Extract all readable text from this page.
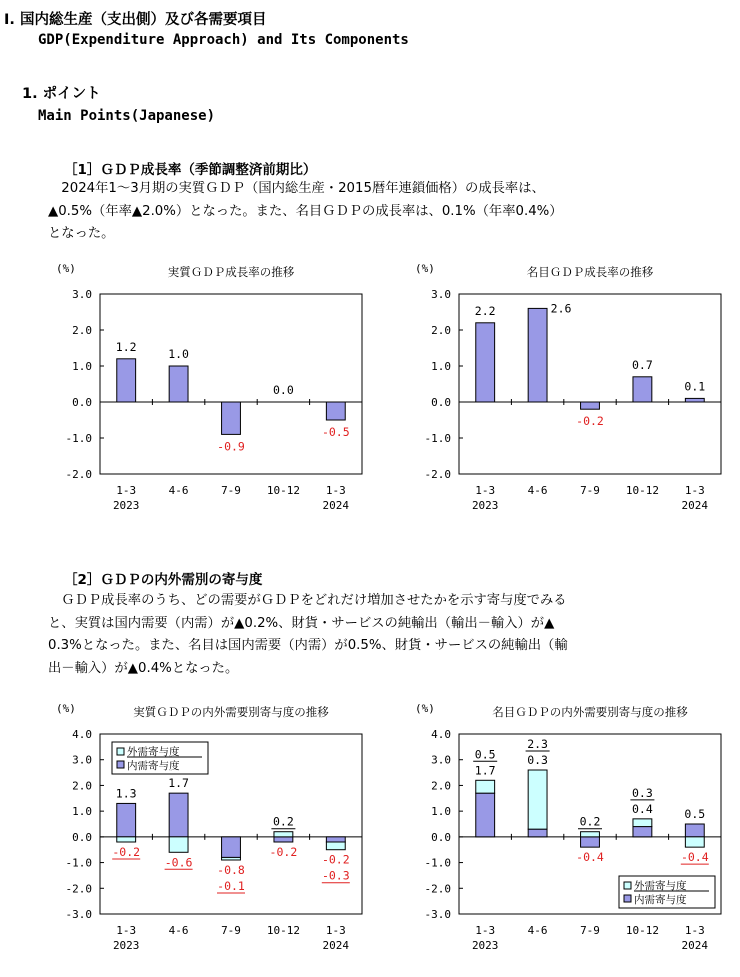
I. 国内総生産（支出側）及び各需要項目
GDP(Expenditure Approach) and Its Components
1. ポイント
Main Points(Japanese)
［1］ＧＤＰ成長率（季節調整済前期比）
　2024年1～3月期の実質ＧＤＰ（国内総生産・2015暦年連鎖価格）の成長率は、
▲0.5%（年率▲2.0%）となった。また、名目ＧＤＰの成長率は、0.1%（年率0.4%）
となった。
実質ＧＤＰ成長率の推移
(%)
3.0
2.0
1.0
0.0
-1.0
-2.0
1.2
1-3
2023
1.0
4-6
-0.9
7-9
0.0
10-12
-0.5
1-3
2024
名目ＧＤＰ成長率の推移
(%)
3.0
2.0
1.0
0.0
-1.0
-2.0
2.2
1-3
2023
2.6
4-6
-0.2
7-9
0.7
10-12
0.1
1-3
2024
［2］ＧＤＰの内外需別の寄与度
　ＧＤＰ成長率のうち、どの需要がＧＤＰをどれだけ増加させたかを示す寄与度でみる
と、実質は国内需要（内需）が▲0.2%、財貨・サービスの純輸出（輸出－輸入）が▲
0.3%となった。また、名目は国内需要（内需）が0.5%、財貨・サービスの純輸出（輸
出－輸入）が▲0.4%となった。
実質ＧＤＰの内外需要別寄与度の推移
(%)
4.0
3.0
2.0
1.0
0.0
-1.0
-2.0
-3.0
1.3
-0.2
1-3
2023
1.7
-0.6
4-6
-0.8
-0.1
7-9
0.2
-0.2
10-12
-0.2
-0.3
1-3
2024
外需寄与度
内需寄与度
名目ＧＤＰの内外需要別寄与度の推移
(%)
4.0
3.0
2.0
1.0
0.0
-1.0
-2.0
-3.0
1.7
0.5
1-3
2023
0.3
2.3
4-6
0.2
-0.4
7-9
0.4
0.3
10-12
0.5
-0.4
1-3
2024
外需寄与度
内需寄与度
